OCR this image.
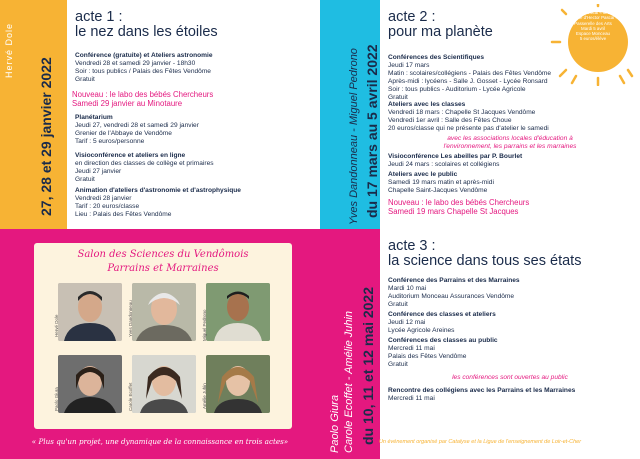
Hervé Dole
27, 28 et 29 janvier 2022
acte 1 :
le nez dans les étoiles
Conférence (gratuite) et Ateliers astronomie
Vendredi 28 et samedi 29 janvier - 18h30
Soir : tous publics / Palais des Fêtes Vendôme
Gratuit
Nouveau : le labo des bébés Chercheurs
Samedi 29 janvier au Minotaure
Planétarium
Jeudi 27, vendredi 28 et samedi 29 janvier
Grenier de l'Abbaye de Vendôme
Tarif : 5 euros/personne
Visioconférence et ateliers en ligne
en direction des classes de collège et primaires
Jeudi 27 janvier
Gratuit
Animation d'ateliers d'astronomie et d'astrophysique
Vendredi 28 janvier
Tarif : 20 euros/classe
Lieu : Palais des Fêtes Vendôme	Yves Dandonneau - Miguel Pedrono du 17 mars au 5 avril 2022
acte 2 :
pour ma planète
Conte musical « la folle
planète d'Hector Pascal »
Passerelle des Arts
Mardi 5 avril
Espace Monceau
5 euros/élève
Conférences des Scientifiques
Jeudi 17 mars
Matin : scolaires/collégiens - Palais des Fêtes Vendôme
Après-midi : lycéens - Salle J. Gosset - Lycée Ronsard
Soir : tous publics - Auditorium - Lycée Agricole
Gratuit
Ateliers avec les classes
Vendredi 18 mars : Chapelle St Jacques Vendôme
Vendredi 1er avril : Salle des Fêtes Choue
20 euros/classe qui ne présente pas d'atelier le samedi
avec les associations locales d'éducation à
l'environnement, les parrains et les marraines
Visioconférence Les abeilles par P. Bourlet
Jeudi 24 mars : scolaires et collégiens
Ateliers avec le public
Samedi 19 mars matin et après-midi
Chapelle Saint-Jacques Vendôme
Nouveau : le labo des bébés Chercheurs
Samedi 19 mars Chapelle St Jacques
Salon des Sciences du Vendômois
Parrains et Marraines
Hervé Dole	Yves Dandonneau	Miguel Pedrono
Paolo Giura	Carole Ecoffet	Amélie Juhin
« Plus qu'un projet, une dynamique de la connaissance en trois actes»	Paolo Giura
Carole Ecoffet - Amélie Juhin du 10, 11 et 12 mai 2022
acte 3 :
la science dans tous ses états
Conférence des Parrains et des Marraines
Mardi 10 mai
Auditorium Monceau Assurances Vendôme
Gratuit
Conférence des classes et ateliers
Jeudi 12 mai
Lycée Agricole Areines
Conférences des classes au public
Mercredi 11 mai
Palais des Fêtes Vendôme
Gratuit
les conférences sont ouvertes au public
Rencontre des collégiens avec les Parrains et les Marraines
Mercredi 11 mai
Un événement organisé par Catalyse et la Ligue de l'enseignement de Loir-et-Cher
